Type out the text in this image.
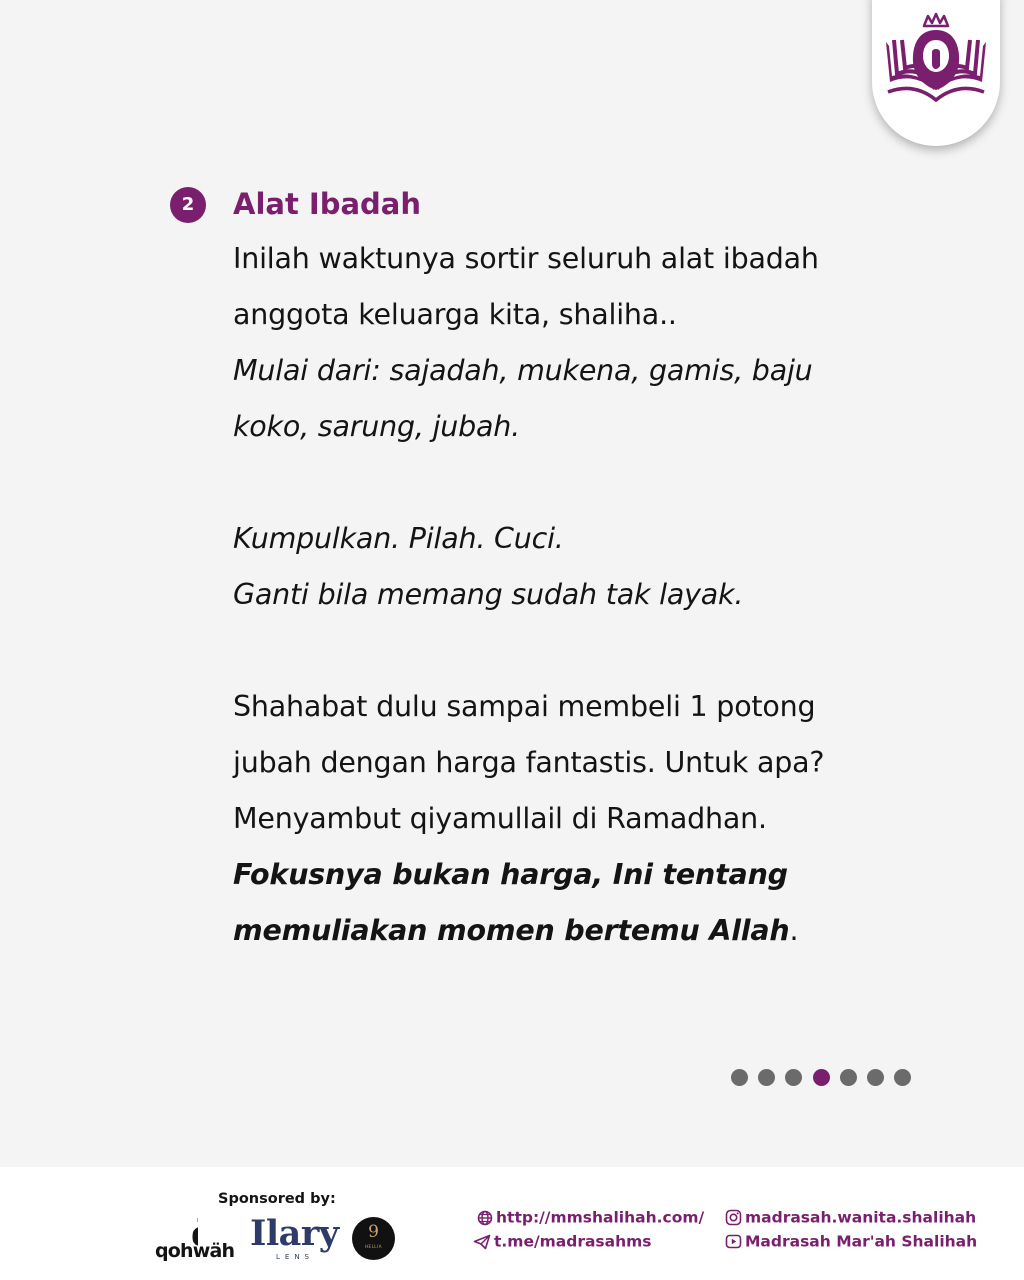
2	Alat Ibadah
Inilah waktunya sortir seluruh alat ibadah
anggota keluarga kita, shaliha..
Mulai dari: sajadah, mukena, gamis, baju
koko, sarung, jubah.
Kumpulkan. Pilah. Cuci.
Ganti bila memang sudah tak layak.
Shahabat dulu sampai membeli 1 potong
jubah dengan harga fantastis. Untuk apa?
Menyambut qiyamullail di Ramadhan.
Fokusnya bukan harga, Ini tentang
memuliakan momen bertemu Allah.
qohwäh
Sponsored by:
Ilary
LENS
9
HELLIA
http://mmshalihah.com/
t.me/madrasahms
madrasah.wanita.shalihah
Madrasah Mar'ah Shalihah
